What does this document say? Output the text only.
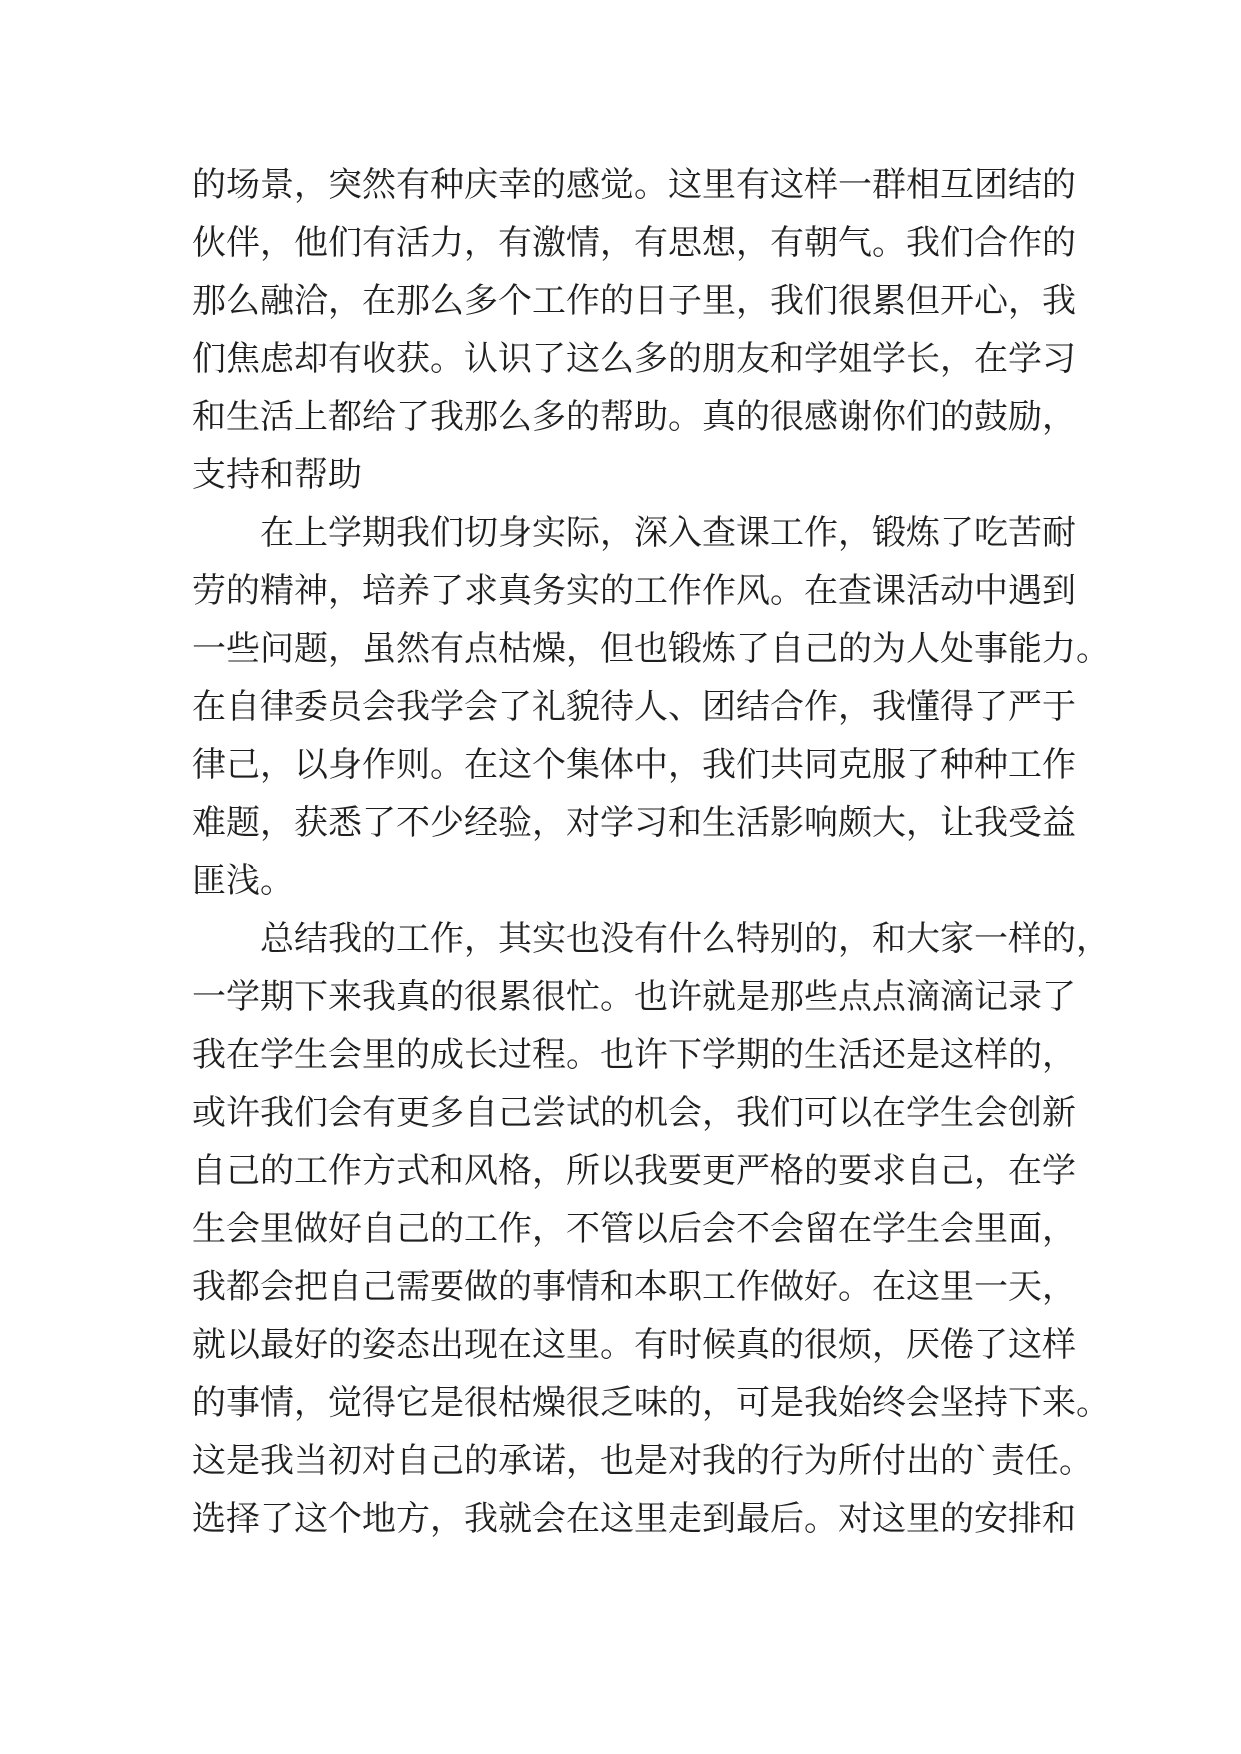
的场景，突然有种庆幸的感觉。这里有这样一群相互团结的
伙伴，他们有活力，有激情，有思想，有朝气。我们合作的
那么融洽，在那么多个工作的日子里，我们很累但开心，我
们焦虑却有收获。认识了这么多的朋友和学姐学长，在学习
和生活上都给了我那么多的帮助。真的很感谢你们的鼓励，
支持和帮助
在上学期我们切身实际，深入查课工作，锻炼了吃苦耐
劳的精神，培养了求真务实的工作作风。在查课活动中遇到
一些问题，虽然有点枯燥，但也锻炼了自己的为人处事能力。
在自律委员会我学会了礼貌待人、团结合作，我懂得了严于
律己，以身作则。在这个集体中，我们共同克服了种种工作
难题，获悉了不少经验，对学习和生活影响颇大，让我受益
匪浅。
总结我的工作，其实也没有什么特别的，和大家一样的，
一学期下来我真的很累很忙。也许就是那些点点滴滴记录了
我在学生会里的成长过程。也许下学期的生活还是这样的，
或许我们会有更多自己尝试的机会，我们可以在学生会创新
自己的工作方式和风格，所以我要更严格的要求自己，在学
生会里做好自己的工作，不管以后会不会留在学生会里面，
我都会把自己需要做的事情和本职工作做好。在这里一天，
就以最好的姿态出现在这里。有时候真的很烦，厌倦了这样
的事情，觉得它是很枯燥很乏味的，可是我始终会坚持下来。
这是我当初对自己的承诺，也是对我的行为所付出的`责任。
选择了这个地方，我就会在这里走到最后。对这里的安排和
